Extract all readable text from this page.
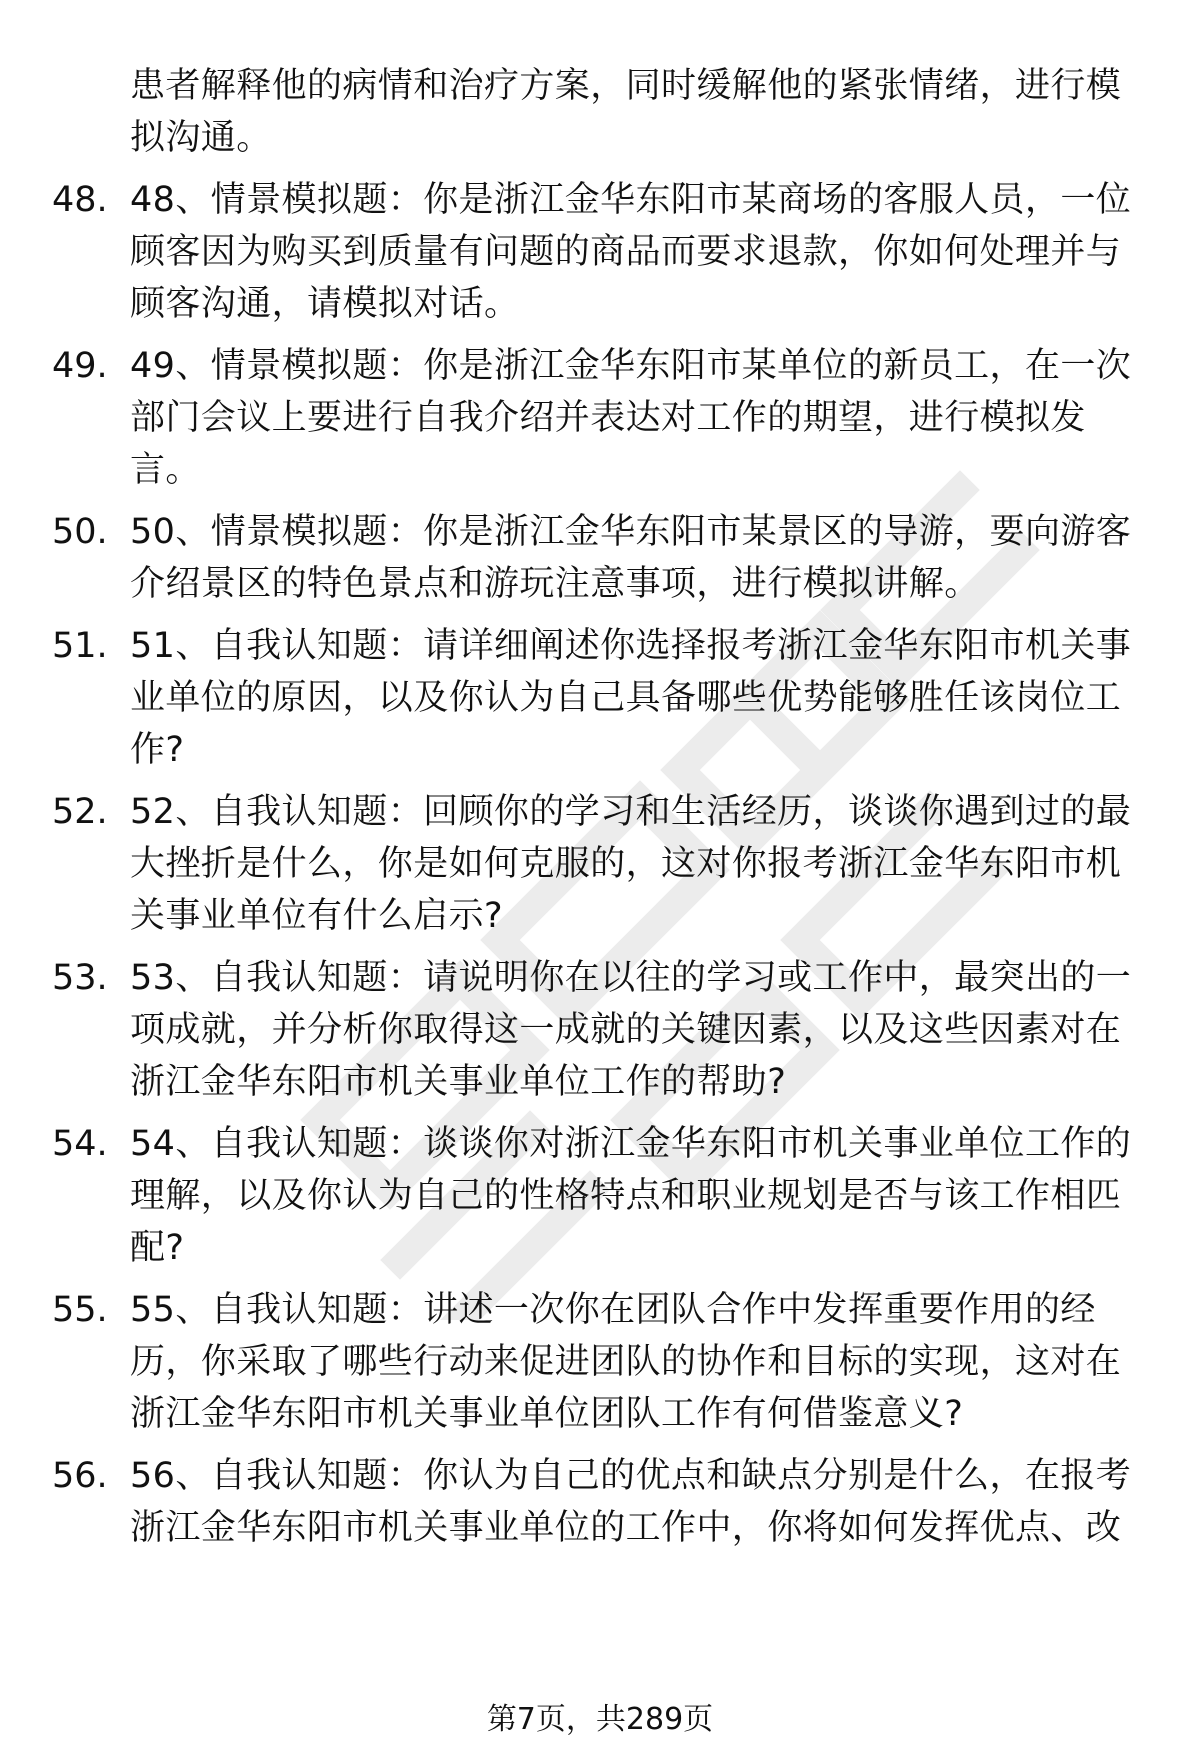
患者解释他的病情和治疗方案，同时缓解他的紧张情绪，进行模拟沟通。
48. 48、情景模拟题：你是浙江金华东阳市某商场的客服人员，一位顾客因为购买到质量有问题的商品而要求退款，你如何处理并与顾客沟通，请模拟对话。
49. 49、情景模拟题：你是浙江金华东阳市某单位的新员工，在一次部门会议上要进行自我介绍并表达对工作的期望，进行模拟发言。
50. 50、情景模拟题：你是浙江金华东阳市某景区的导游，要向游客介绍景区的特色景点和游玩注意事项，进行模拟讲解。
51. 51、自我认知题：请详细阐述你选择报考浙江金华东阳市机关事业单位的原因，以及你认为自己具备哪些优势能够胜任该岗位工作?
52. 52、自我认知题：回顾你的学习和生活经历，谈谈你遇到过的最大挫折是什么，你是如何克服的，这对你报考浙江金华东阳市机关事业单位有什么启示?
53. 53、自我认知题：请说明你在以往的学习或工作中，最突出的一项成就，并分析你取得这一成就的关键因素，以及这些因素对在浙江金华东阳市机关事业单位工作的帮助?
54. 54、自我认知题：谈谈你对浙江金华东阳市机关事业单位工作的理解，以及你认为自己的性格特点和职业规划是否与该工作相匹配?
55. 55、自我认知题：讲述一次你在团队合作中发挥重要作用的经历，你采取了哪些行动来促进团队的协作和目标的实现，这对在浙江金华东阳市机关事业单位团队工作有何借鉴意义?
56. 56、自我认知题：你认为自己的优点和缺点分别是什么，在报考浙江金华东阳市机关事业单位的工作中，你将如何发挥优点、改
第7页，共289页
